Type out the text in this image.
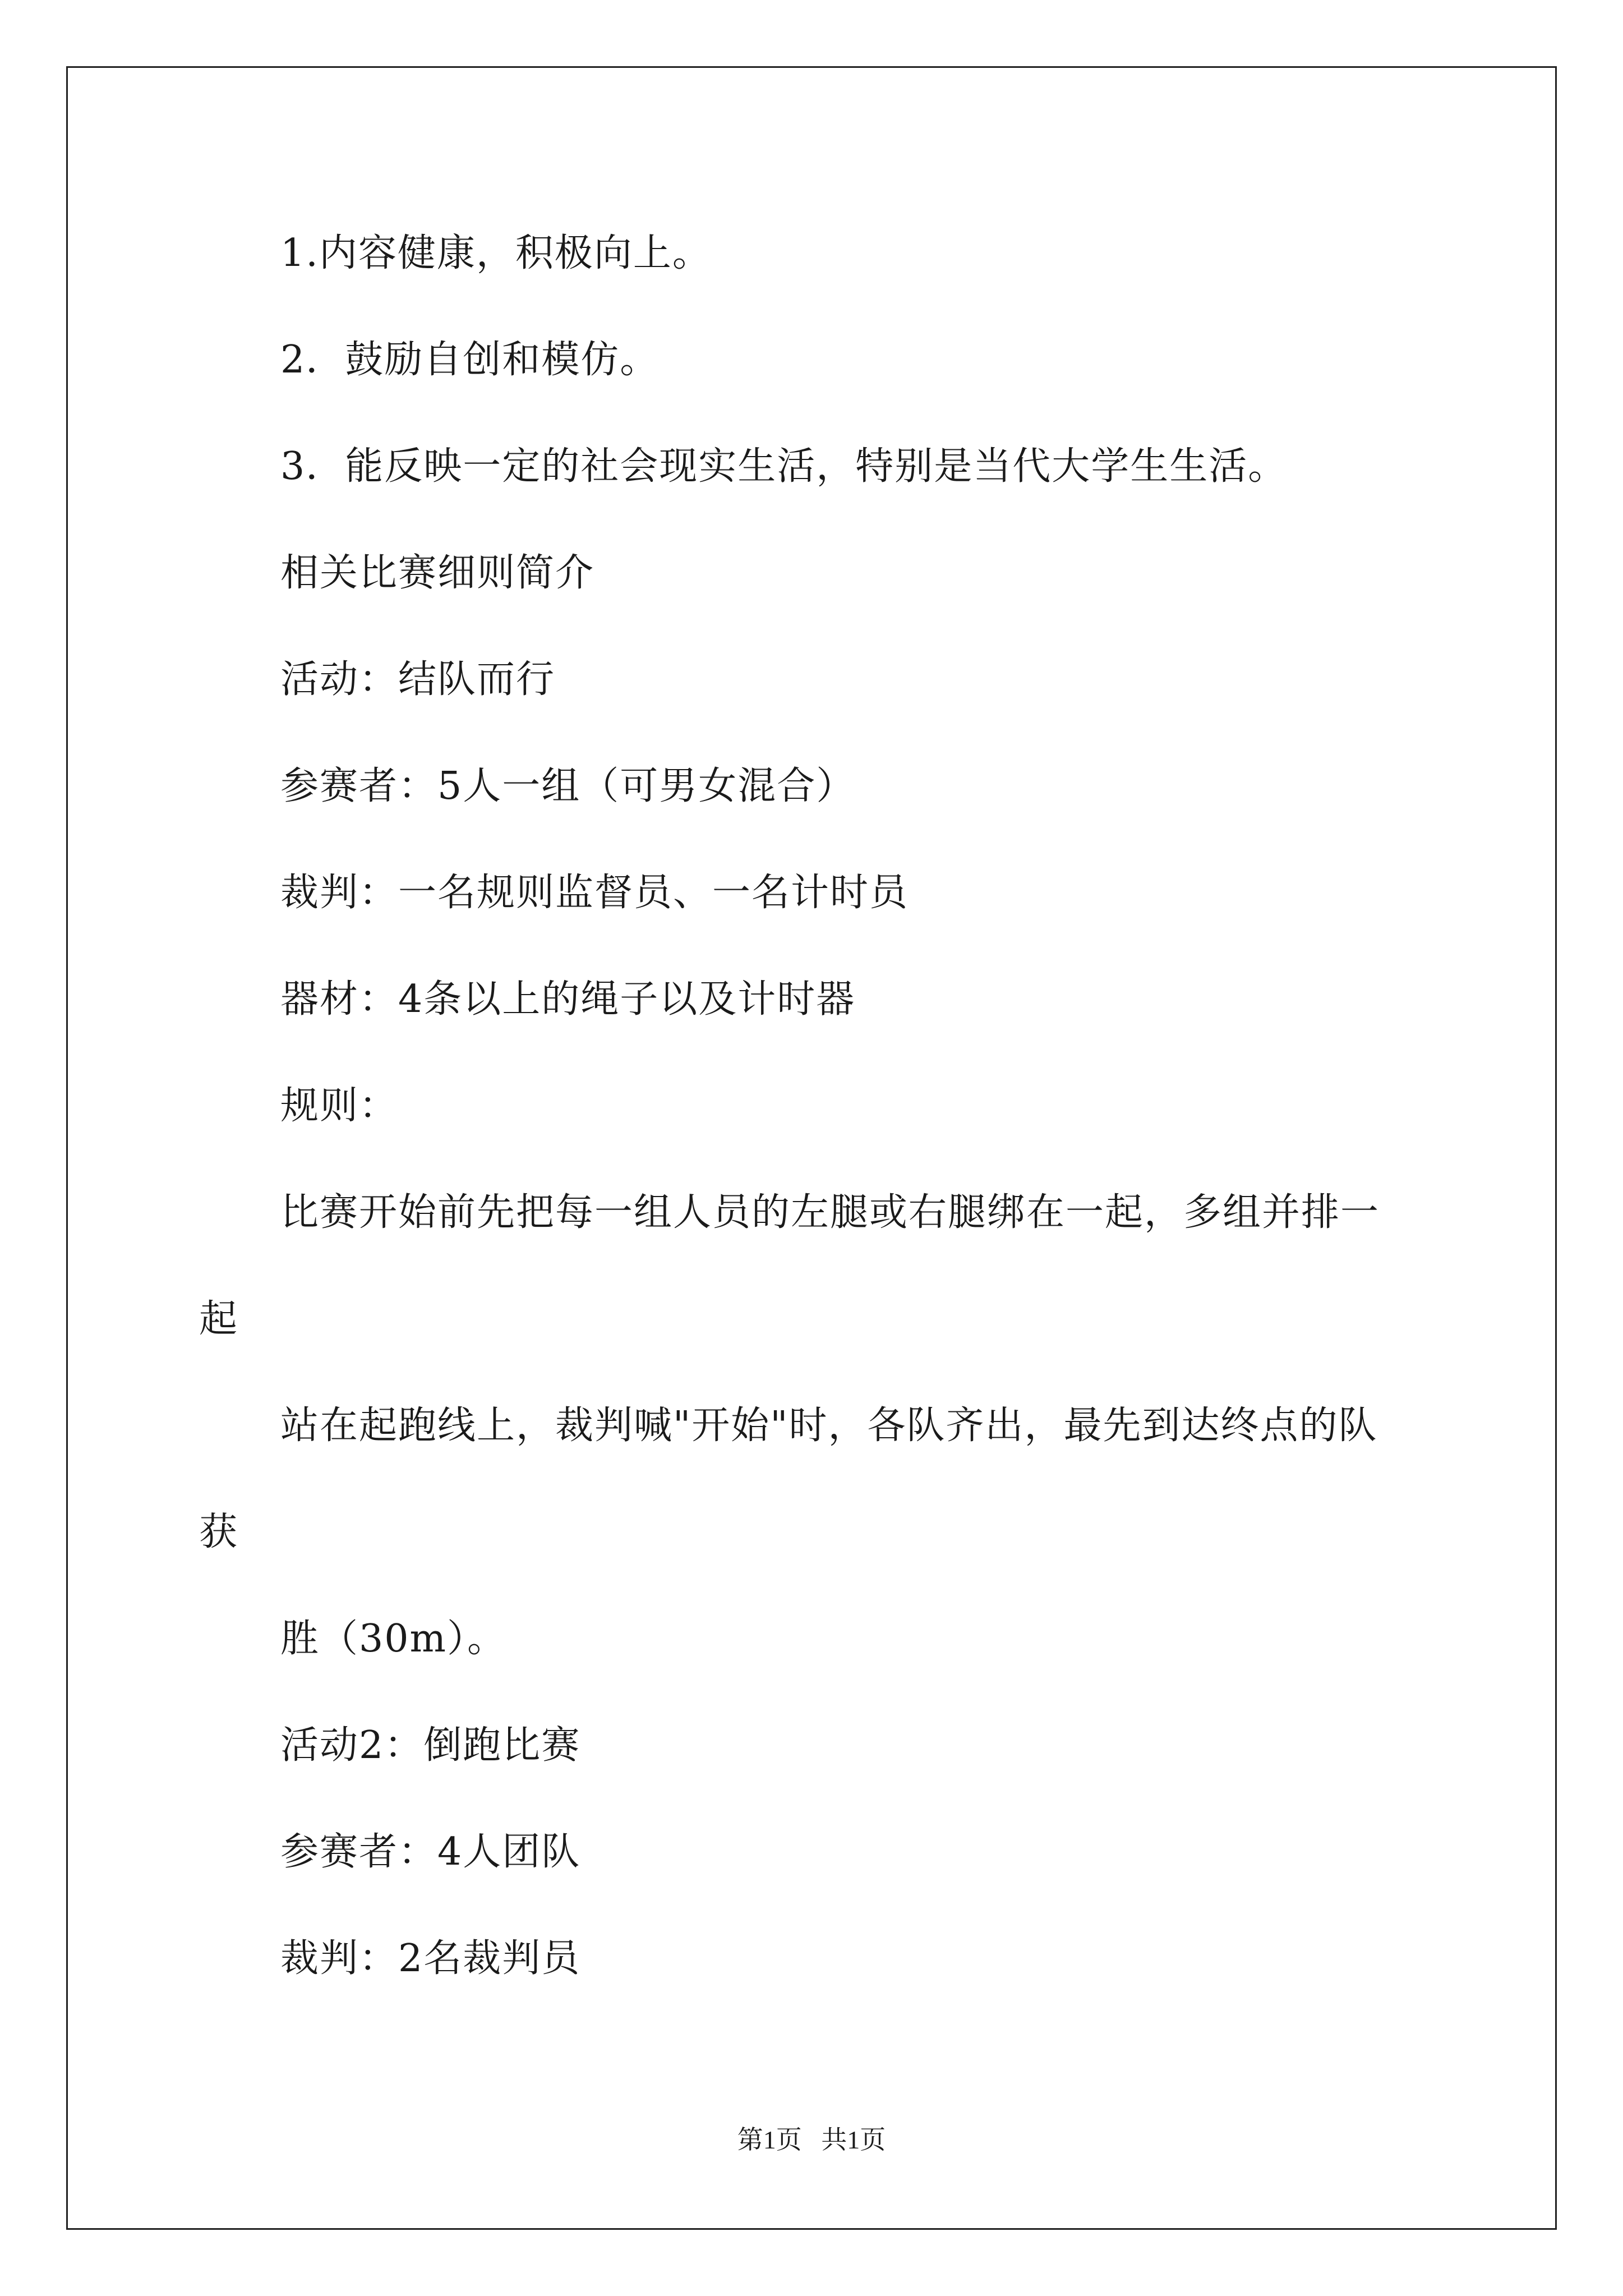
1.内容健康，积极向上。
2．鼓励自创和模仿。
3．能反映一定的社会现实生活，特别是当代大学生生活。
相关比赛细则简介
活动：结队而行
参赛者：5人一组（可男女混合）
裁判：一名规则监督员、一名计时员
器材：4条以上的绳子以及计时器
规则：
比赛开始前先把每一组人员的左腿或右腿绑在一起，多组并排一
起
站在起跑线上，裁判喊"开始"时，各队齐出，最先到达终点的队
获
胜（30m）。
活动2：倒跑比赛
参赛者：4人团队
裁判：2名裁判员
第1页   共1页
